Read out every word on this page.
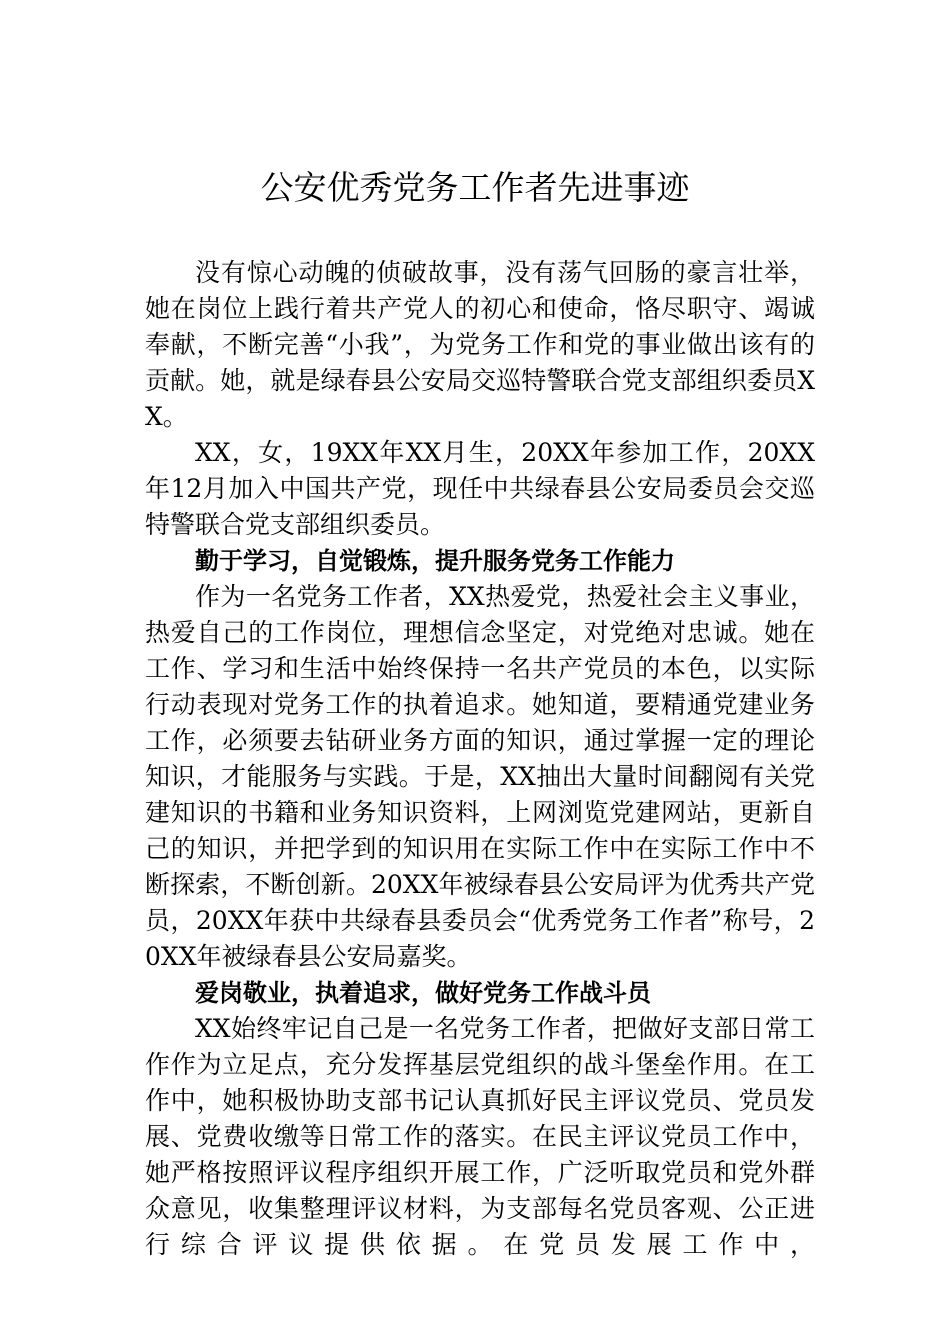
公安优秀党务工作者先进事迹

没有惊心动魄的侦破故事，没有荡气回肠的豪言壮举，她在岗位上践行着共产党人的初心和使命，恪尽职守、竭诚奉献，不断完善“小我”，为党务工作和党的事业做出该有的贡献。她，就是绿春县公安局交巡特警联合党支部组织委员XX。

XX，女，19XX年XX月生，20XX年参加工作，20XX年12月加入中国共产党，现任中共绿春县公安局委员会交巡特警联合党支部组织委员。

勤于学习，自觉锻炼，提升服务党务工作能力

作为一名党务工作者，XX热爱党，热爱社会主义事业，热爱自己的工作岗位，理想信念坚定，对党绝对忠诚。她在工作、学习和生活中始终保持一名共产党员的本色，以实际行动表现对党务工作的执着追求。她知道，要精通党建业务工作，必须要去钻研业务方面的知识，通过掌握一定的理论知识，才能服务与实践。于是，XX抽出大量时间翻阅有关党建知识的书籍和业务知识资料，上网浏览党建网站，更新自己的知识，并把学到的知识用在实际工作中在实际工作中不断探索，不断创新。20XX年被绿春县公安局评为优秀共产党员，20XX年获中共绿春县委员会“优秀党务工作者”称号，20XX年被绿春县公安局嘉奖。

爱岗敬业，执着追求，做好党务工作战斗员

XX始终牢记自己是一名党务工作者，把做好支部日常工作作为立足点，充分发挥基层党组织的战斗堡垒作用。在工作中，她积极协助支部书记认真抓好民主评议党员、党员发展、党费收缴等日常工作的落实。在民主评议党员工作中，她严格按照评议程序组织开展工作，广泛听取党员和党外群众意见，收集整理评议材料，为支部每名党员客观、公正进行综合评议提供依据。在党员发展工作中，
